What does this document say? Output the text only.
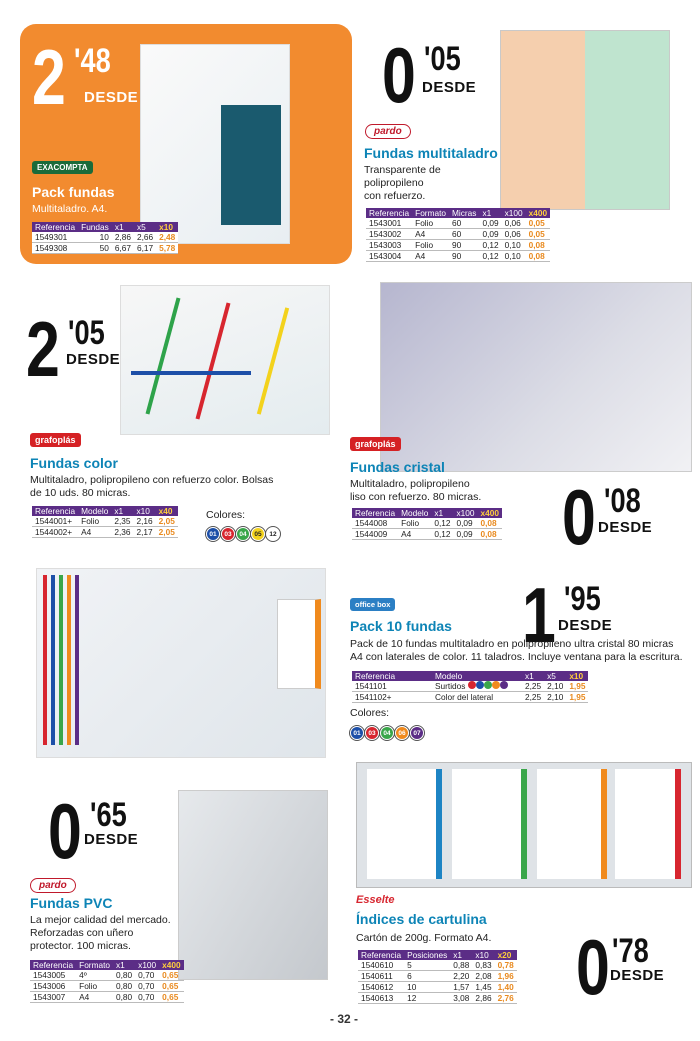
2 '48
DESDE
EXACOMPTA
Pack fundas
Multitaladro. A4.
Referencia	Fundas	x1	x5	x10
1549301	10	2,86	2,66	2,48
1549308	50	6,67	6,17	5,78
0 '05
DESDE
pardo
Fundas multitaladro
Transparente de
polipropileno
con refuerzo.
Referencia	Formato	Micras	x1	x100	x400
1543001	Folio	60	0,09	0,06	0,05
1543002	A4	60	0,09	0,06	0,05
1543003	Folio	90	0,12	0,10	0,08
1543004	A4	90	0,12	0,10	0,08
2 '05
DESDE
grafoplás
Fundas color
Multitaladro, polipropileno con refuerzo color. Bolsas
de 10 uds. 80 micras.
Referencia	Modelo	x1	x10	x40
1544001+	Folio	2,35	2,16	2,05
1544002+	A4	2,36	2,17	2,05
Colores:
01 03 04 05 12
grafoplás
Fundas cristal
Multitaladro, polipropileno
liso con refuerzo. 80 micras.
Referencia	Modelo	x1	x100	x400
1544008	Folio	0,12	0,09	0,08
1544009	A4	0,12	0,09	0,08 0 '08
DESDE
office box 1 '95
DESDE
Pack 10 fundas
Pack de 10 fundas multitaladro en polipropileno ultra cristal 80 micras
A4 con laterales de color. 11 taladros. Incluye ventana para la escritura.
Referencia	Modelo	x1	x5	x10
1541101	Surtidos	2,25	2,10	1,95
1541102+	Color del lateral	2,25	2,10	1,95
Colores:
01 03 04 06 07
0 '65
DESDE
pardo
Fundas PVC
La mejor calidad del mercado.
Reforzadas con uñero
protector. 100 micras.
Referencia	Formato	x1	x100	x400
1543005	4º	0,80	0,70	0,65
1543006	Folio	0,80	0,70	0,65
1543007	A4	0,80	0,70	0,65
Esselte
Índices de cartulina
Cartón de 200g. Formato A4.
Referencia	Posiciones	x1	x10	x20
1540610	5	0,88	0,83	0,78
1540611	6	2,20	2,08	1,96
1540612	10	1,57	1,45	1,40
1540613	12	3,08	2,86	2,76 0 '78
DESDE
- 32 -
